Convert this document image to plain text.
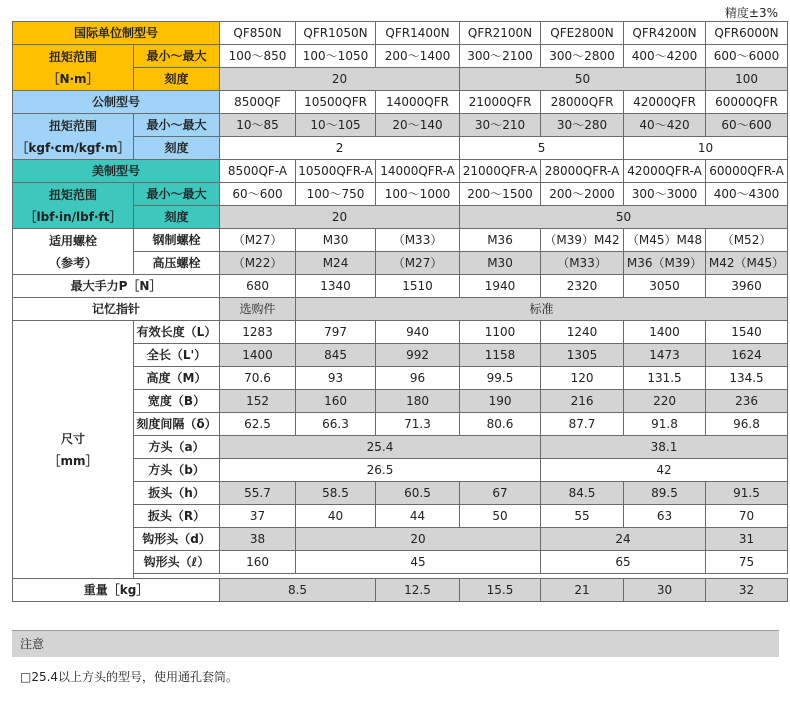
精度±3%
国际单位制型号		QF850N	QFR1050N	QFR1400N	QFR2100N	QFE2800N	QFR4200N	QFR6000N
扭矩范围
［N·m］	最小～最大	100～850	100～1050	200～1400	300～2100	300～2800	400～4200	600～6000
	刻度	20			50			100
公制型号		8500QF	10500QFR	14000QFR	21000QFR	28000QFR	42000QFR	60000QFR
扭矩范围
［kgf·cm/kgf·m］	最小～最大	10～85	10～105	20～140	30～210	30～280	40～420	60～600
	刻度	2			5		10	
美制型号		8500QF-A	10500QFR-A	14000QFR-A	21000QFR-A	28000QFR-A	42000QFR-A	60000QFR-A
扭矩范围
［lbf·in/lbf·ft］	最小～最大	60～600	100～750	100～1000	200～1500	200～2000	300～3000	400～4300
	刻度	20			50			
适用螺栓
（参考）	钢制螺栓	（M27）	M30	（M33）	M36	（M39）M42	（M45）M48	（M52）
	高压螺栓	（M22）	M24	（M27）	M30	（M33）	M36（M39）	M42（M45）
最大手力P［N］		680	1340	1510	1940	2320	3050	3960
记忆指针		选购件	标准					
尺寸
［mm］	有效长度（L）	1283	797	940	1100	1240	1400	1540
	全长（L'）	1400	845	992	1158	1305	1473	1624
	高度（M）	70.6	93	96	99.5	120	131.5	134.5
	宽度（B）	152	160	180	190	216	220	236
	刻度间隔（δ）	62.5	66.3	71.3	80.6	87.7	91.8	96.8
	方头（a）	25.4				38.1		
	方头（b）	26.5				42		
	扳头（h）	55.7	58.5	60.5	67	84.5	89.5	91.5
	扳头（R）	37	40	44	50	55	63	70
	钩形头（d）	38	20			24		31
	钩形头（ℓ）	160	45			65		75

重量［kg］		8.5		12.5	15.5	21	30	32
注意
□25.4以上方头的型号，使用通孔套筒。
